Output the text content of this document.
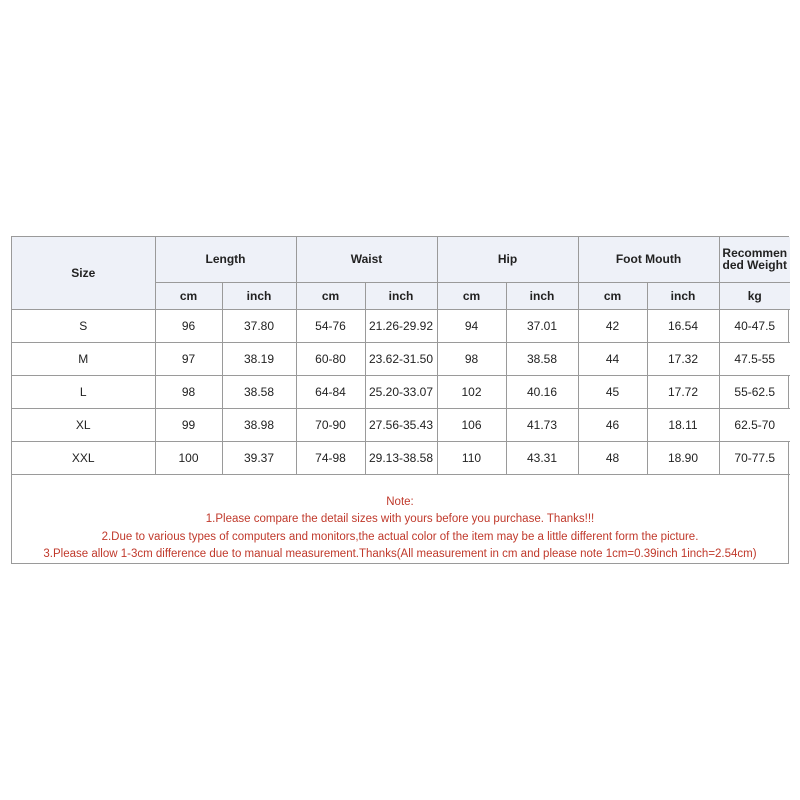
Size	Length		Waist		Hip		Foot Mouth		Recommended Weight
	cm	inch	cm	inch	cm	inch	cm	inch	kg
S	96	37.80	54-76	21.26-29.92	94	37.01	42	16.54	40-47.5
M	97	38.19	60-80	23.62-31.50	98	38.58	44	17.32	47.5-55
L	98	38.58	64-84	25.20-33.07	102	40.16	45	17.72	55-62.5
XL	99	38.98	70-90	27.56-35.43	106	41.73	46	18.11	62.5-70
XXL	100	39.37	74-98	29.13-38.58	110	43.31	48	18.90	70-77.5
Note:
1.Please compare the detail sizes with yours before you purchase. Thanks!!!
2.Due to various types of computers and monitors,the actual color of the item may be a little different form the picture.
3.Please allow 1-3cm difference due to manual measurement.Thanks(All measurement in cm and please note 1cm=0.39inch 1inch=2.54cm)
